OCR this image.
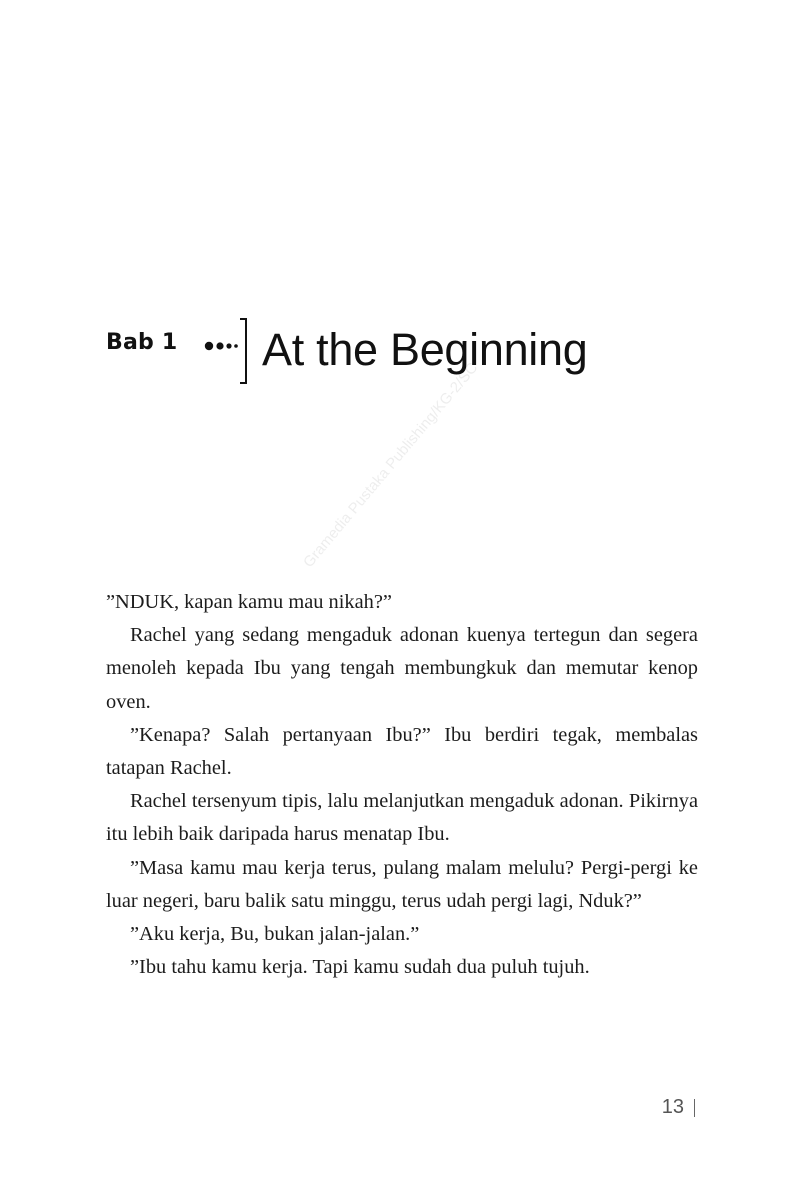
Bab 1 At the Beginning
Gramedia Pustaka Publishing/KG-2/SC

”NDUK, kapan kamu mau nikah?”

Rachel yang sedang mengaduk adonan kuenya tertegun dan segera menoleh kepada Ibu yang tengah membungkuk dan memutar kenop oven.

”Kenapa? Salah pertanyaan Ibu?” Ibu berdiri tegak, membalas tatapan Rachel.

Rachel tersenyum tipis, lalu melanjutkan mengaduk adonan. Pikirnya itu lebih baik daripada harus menatap Ibu.

”Masa kamu mau kerja terus, pulang malam melulu? Pergi-pergi ke luar negeri, baru balik satu minggu, terus udah pergi lagi, Nduk?”

”Aku kerja, Bu, bukan jalan-jalan.”

”Ibu tahu kamu kerja. Tapi kamu sudah dua puluh tujuh.

13
